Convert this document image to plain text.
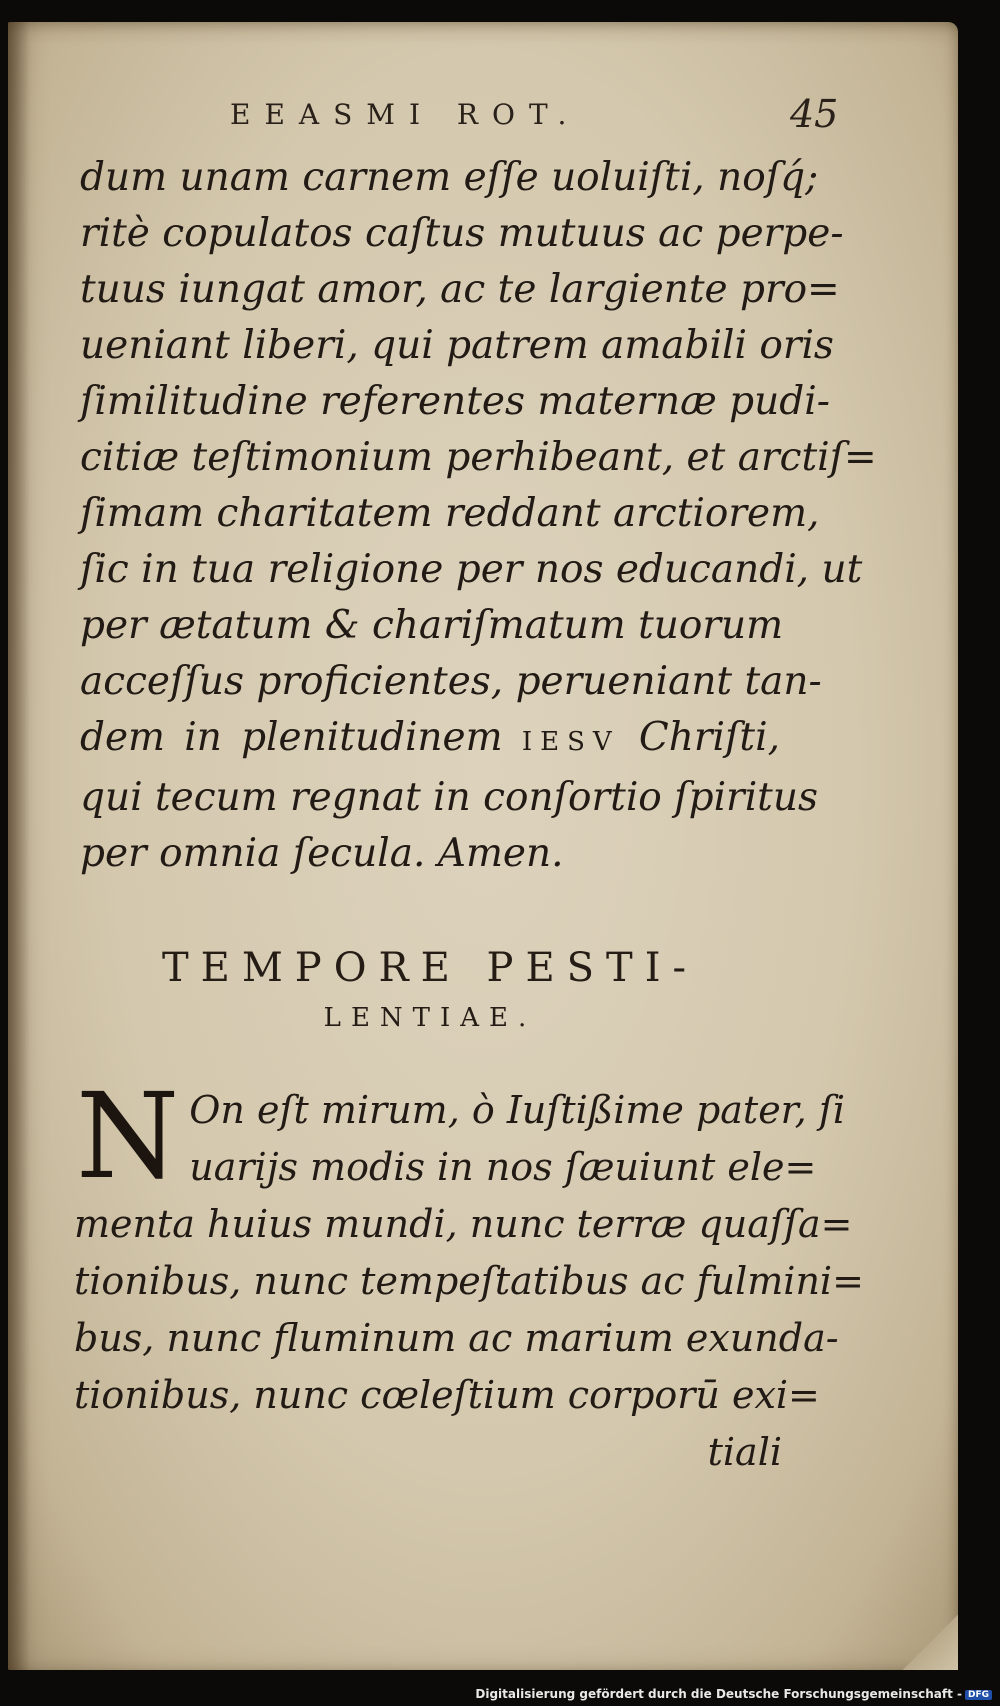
EEASMI ROT.	45
dum unam carnem eſſe uoluiſti, noſq́;
ritè copulatos caſtus mutuus ac perpe-
tuus iungat amor, ac te largiente pro=
ueniant liberi, qui patrem amabili oris
ſimilitudine referentes maternæ pudi-
citiæ teſtimonium perhibeant, et arctiſ=
ſimam charitatem reddant arctiorem,
ſic in tua religione per nos educandi, ut
per ætatum & chariſmatum tuorum
acceſſus proficientes, perueniant tan-
dem in plenitudinem IESV Chriſti,
qui tecum regnat in conſortio ſpiritus
per omnia ſecula. Amen.
TEMPORE PESTI-
LENTIAE.
N On eſt mirum, ò Iuſtißime pater, ſi
uarijs modis in nos ſæuiunt ele=
menta huius mundi, nunc terræ quaſſa=
tionibus, nunc tempeſtatibus ac fulmini=
bus, nunc fluminum ac marium exunda-
tionibus, nunc cœleſtium corporū exi=
tiali
Digitalisierung gefördert durch die Deutsche Forschungsgemeinschaft - DFG
